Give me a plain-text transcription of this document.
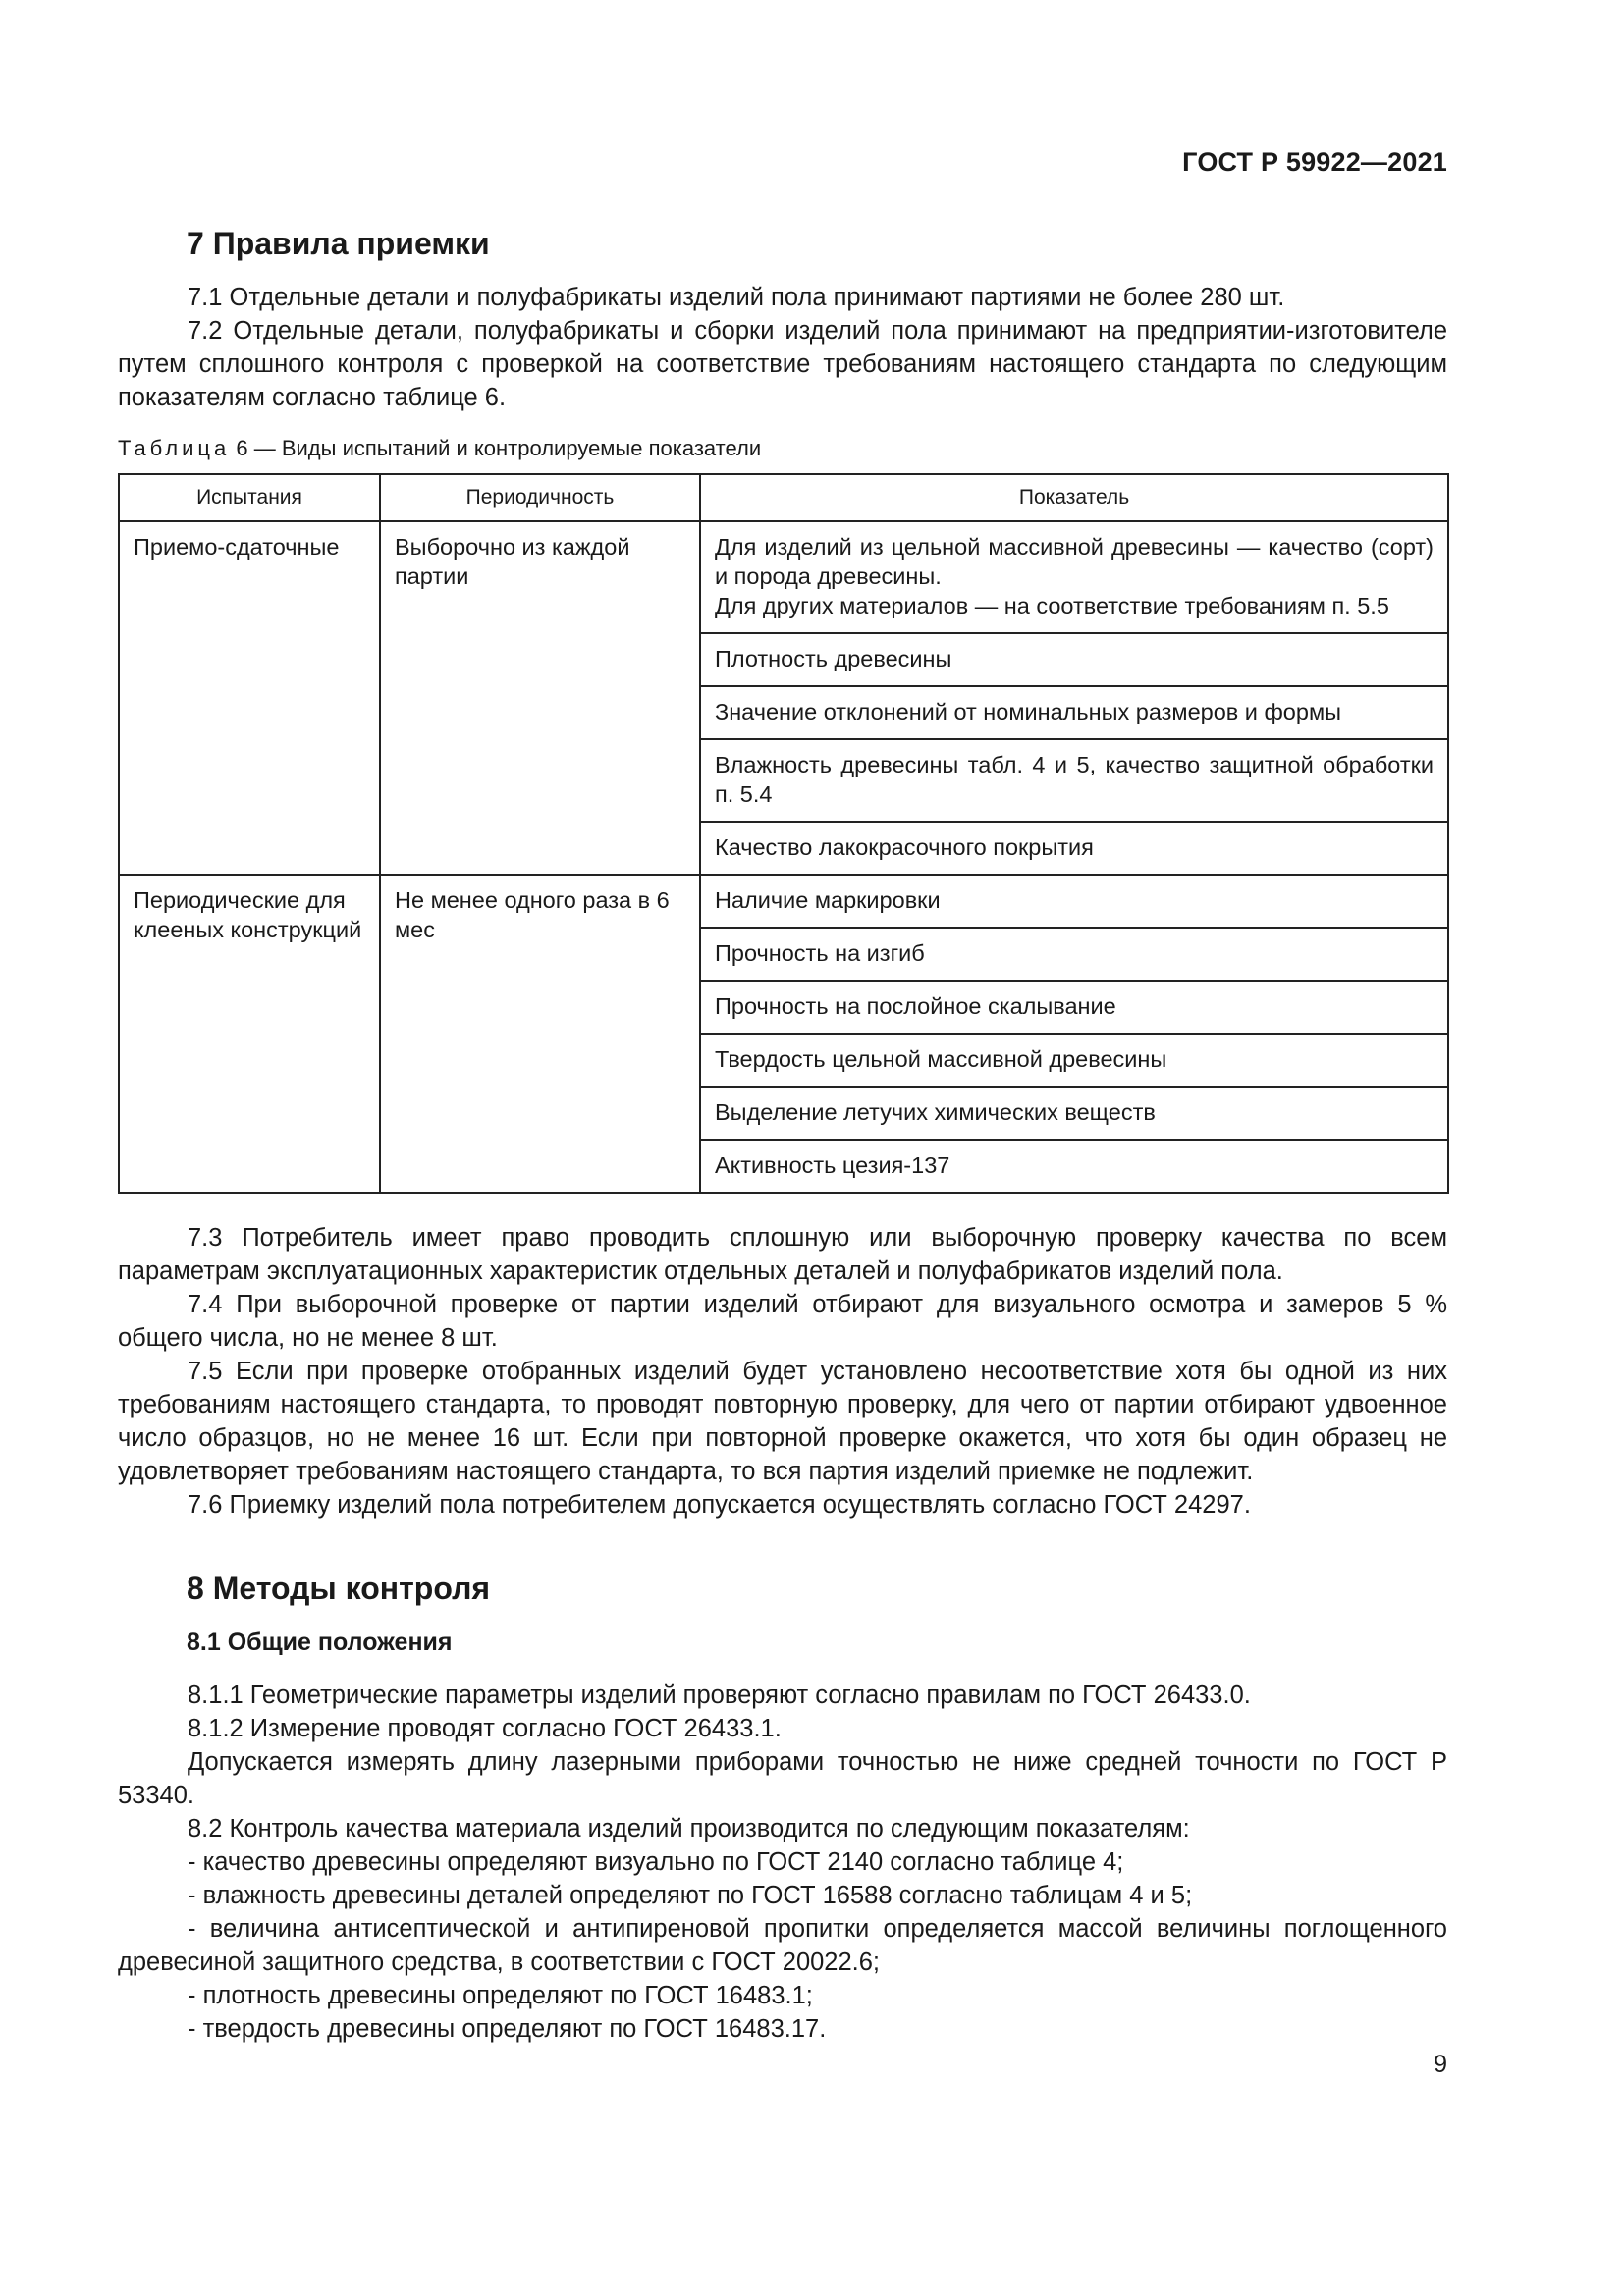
ГОСТ Р 59922—2021
7 Правила приемки

7.1 Отдельные детали и полуфабрикаты изделий пола принимают партиями не более 280 шт.

7.2 Отдельные детали, полуфабрикаты и сборки изделий пола принимают на предприятии-изготовителе путем сплошного контроля с проверкой на соответствие требованиям настоящего стандарта по следующим показателям согласно таблице 6.

Таблица 6 — Виды испытаний и контролируемые показатели
Испытания	Периодичность	Показатель
Приемо-сдаточные	Выборочно из каждой партии	Для изделий из цельной массивной древесины — качество (сорт) и порода древесины.
Для других материалов — на соответствие требованиям п. 5.5

		Плотность древесины
		Значение отклонений от номинальных размеров и формы
		Влажность древесины табл. 4 и 5, качество защитной обработки п. 5.4
		Качество лакокрасочного покрытия
Периодические для клееных конструкций	Не менее одного раза в 6 мес	Наличие маркировки
		Прочность на изгиб
		Прочность на послойное скалывание
		Твердость цельной массивной древесины
		Выделение летучих химических веществ
		Активность цезия-137

7.3 Потребитель имеет право проводить сплошную или выборочную проверку качества по всем параметрам эксплуатационных характеристик отдельных деталей и полуфабрикатов изделий пола.

7.4 При выборочной проверке от партии изделий отбирают для визуального осмотра и замеров 5 % общего числа, но не менее 8 шт.

7.5 Если при проверке отобранных изделий будет установлено несоответствие хотя бы одной из них требованиям настоящего стандарта, то проводят повторную проверку, для чего от партии отбирают удвоенное число образцов, но не менее 16 шт. Если при повторной проверке окажется, что хотя бы один образец не удовлетворяет требованиям настоящего стандарта, то вся партия изделий приемке не подлежит.

7.6 Приемку изделий пола потребителем допускается осуществлять согласно ГОСТ 24297.

8 Методы контроля
8.1 Общие положения

8.1.1 Геометрические параметры изделий проверяют согласно правилам по ГОСТ 26433.0.

8.1.2 Измерение проводят согласно ГОСТ 26433.1.

Допускается измерять длину лазерными приборами точностью не ниже средней точности по ГОСТ Р 53340.

8.2 Контроль качества материала изделий производится по следующим показателям:

- качество древесины определяют визуально по ГОСТ 2140 согласно таблице 4;

- влажность древесины деталей определяют по ГОСТ 16588 согласно таблицам 4 и 5;

- величина антисептической и антипиреновой пропитки определяется массой величины поглощенного древесиной защитного средства, в соответствии с ГОСТ 20022.6;

- плотность древесины определяют по ГОСТ 16483.1;

- твердость древесины определяют по ГОСТ 16483.17.

9
